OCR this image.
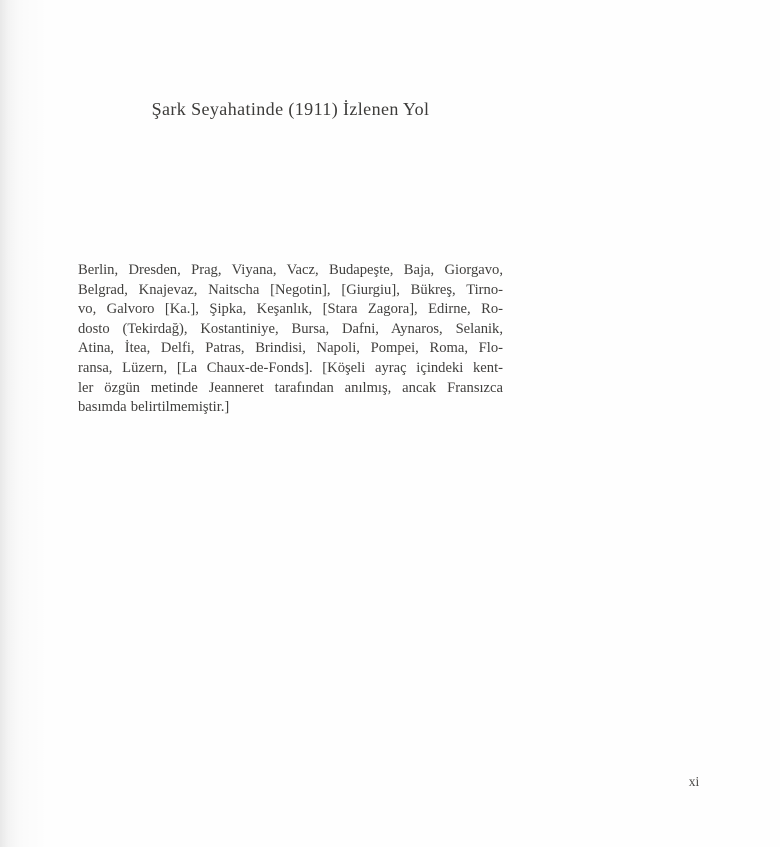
Şark Seyahatinde (1911) İzlenen Yol
Berlin, Dresden, Prag, Viyana, Vacz, Budapeşte, Baja, Giorgavo,
Belgrad, Knajevaz, Naitscha [Negotin], [Giurgiu], Bükreş, Tirno-
vo, Galvoro [Ka.], Şipka, Keşanlık, [Stara Zagora], Edirne, Ro-
dosto (Tekirdağ), Kostantiniye, Bursa, Dafni, Aynaros, Selanik,
Atina, İtea, Delfi, Patras, Brindisi, Napoli, Pompei, Roma, Flo-
ransa, Lüzern, [La Chaux-de-Fonds]. [Köşeli ayraç içindeki kent-
ler özgün metinde Jeanneret tarafından anılmış, ancak Fransızca
basımda belirtilmemiştir.]
xi
